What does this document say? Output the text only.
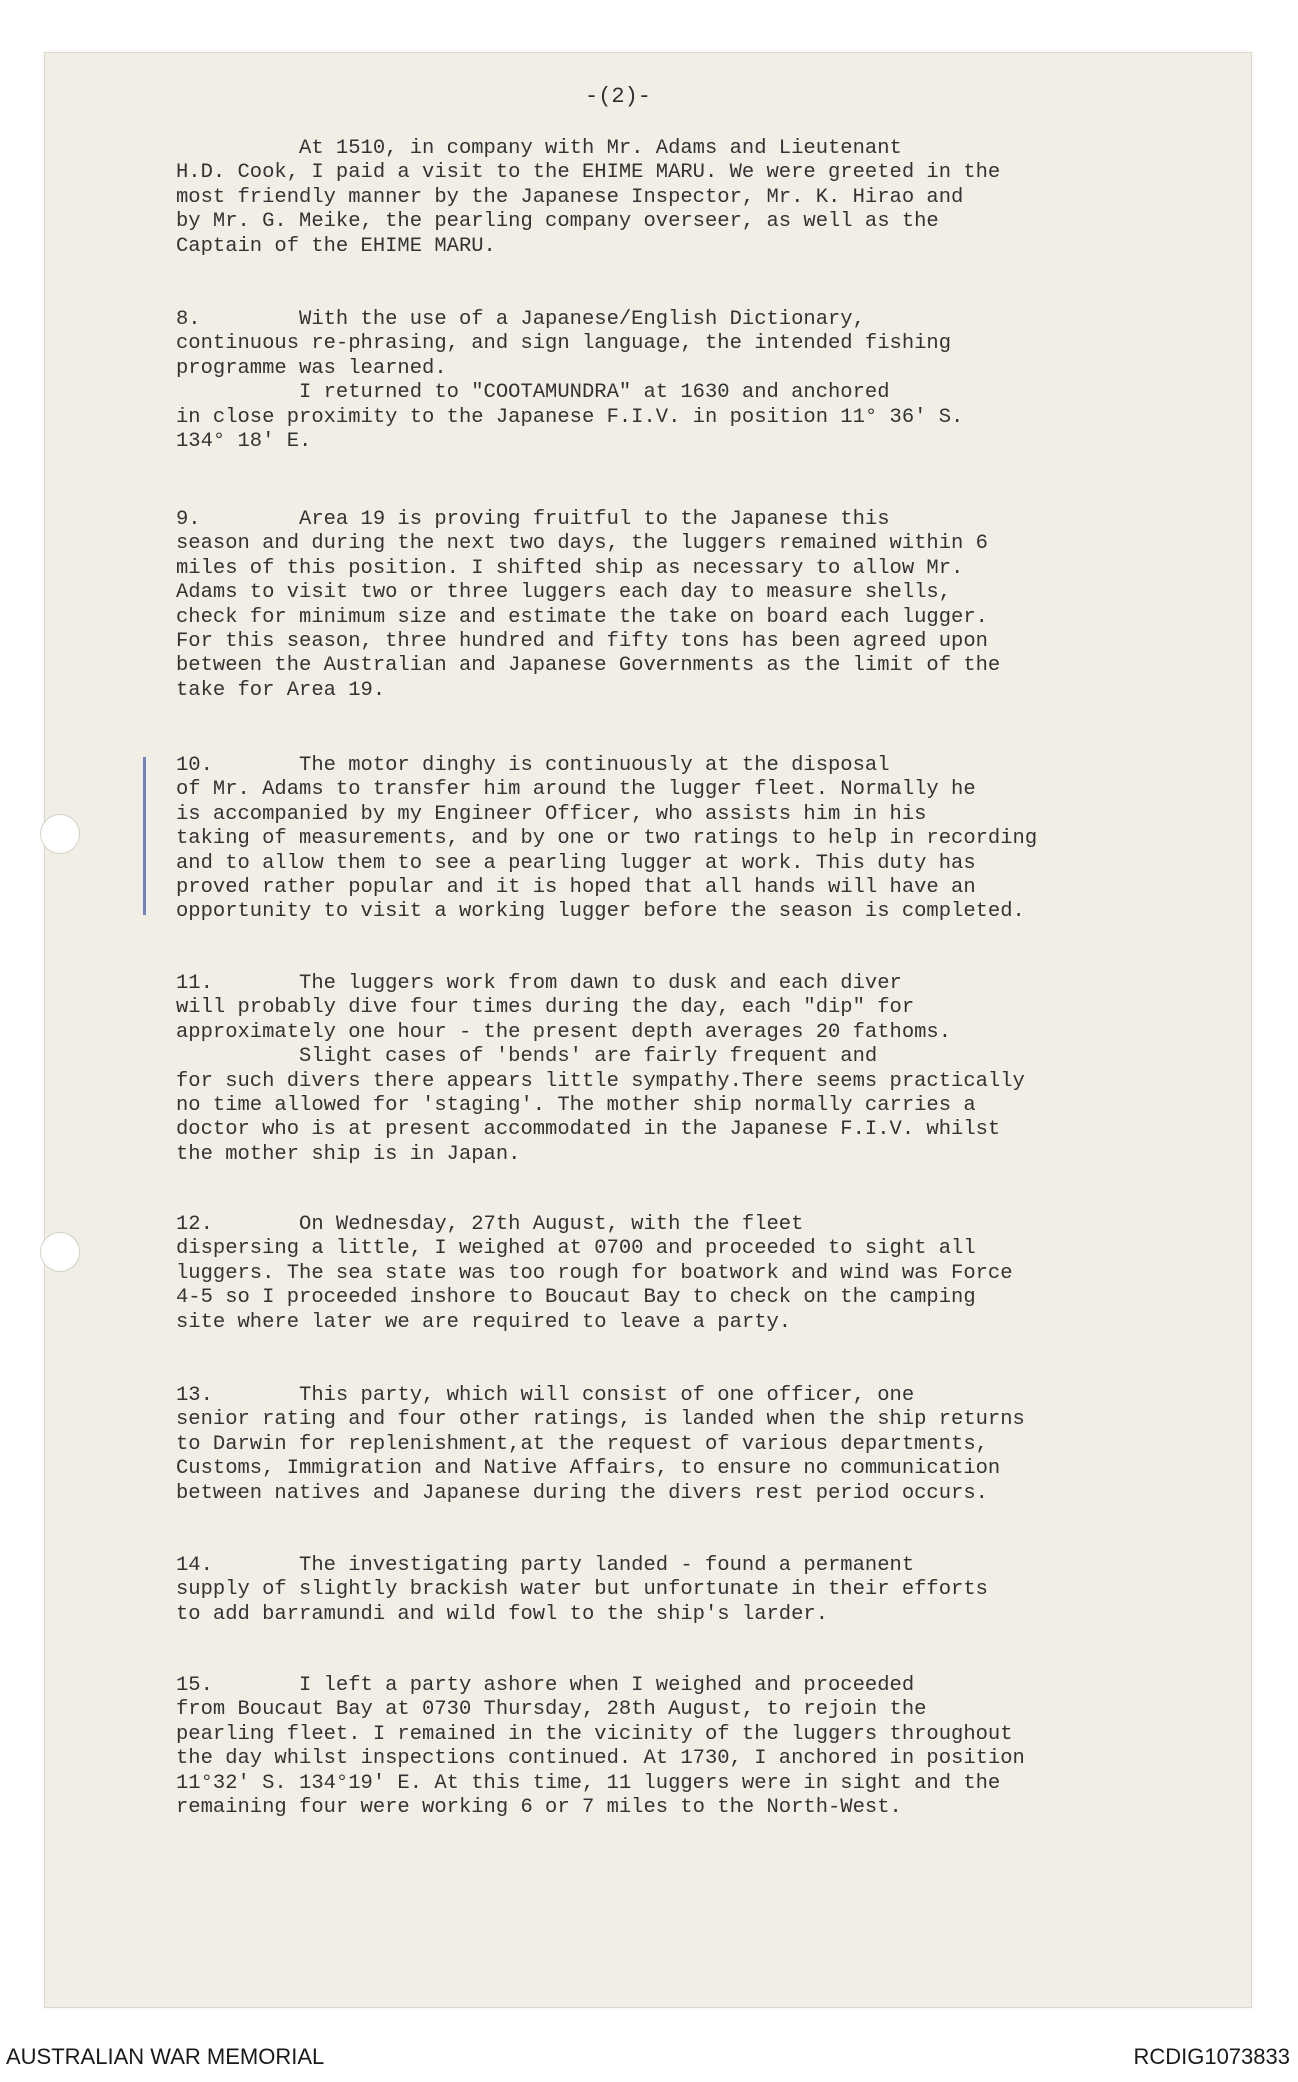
-(2)-
At 1510, in company with Mr. Adams and Lieutenant
H.D. Cook, I paid a visit to the EHIME MARU. We were greeted in the
most friendly manner by the Japanese Inspector, Mr. K. Hirao and
by Mr. G. Meike, the pearling company overseer, as well as the
Captain of the EHIME MARU.
8.        With the use of a Japanese/English Dictionary,
continuous re-phrasing, and sign language, the intended fishing
programme was learned.
I returned to "COOTAMUNDRA" at 1630 and anchored
in close proximity to the Japanese F.I.V. in position 11° 36' S.
134° 18' E.
9.        Area 19 is proving fruitful to the Japanese this
season and during the next two days, the luggers remained within 6
miles of this position. I shifted ship as necessary to allow Mr.
Adams to visit two or three luggers each day to measure shells,
check for minimum size and estimate the take on board each lugger.
For this season, three hundred and fifty tons has been agreed upon
between the Australian and Japanese Governments as the limit of the
take for Area 19.
10.       The motor dinghy is continuously at the disposal
of Mr. Adams to transfer him around the lugger fleet. Normally he
is accompanied by my Engineer Officer, who assists him in his
taking of measurements, and by one or two ratings to help in recording
and to allow them to see a pearling lugger at work. This duty has
proved rather popular and it is hoped that all hands will have an
opportunity to visit a working lugger before the season is completed.
11.       The luggers work from dawn to dusk and each diver
will probably dive four times during the day, each "dip" for
approximately one hour - the present depth averages 20 fathoms.
Slight cases of 'bends' are fairly frequent and
for such divers there appears little sympathy.There seems practically
no time allowed for 'staging'. The mother ship normally carries a
doctor who is at present accommodated in the Japanese F.I.V. whilst
the mother ship is in Japan.
12.       On Wednesday, 27th August, with the fleet
dispersing a little, I weighed at 0700 and proceeded to sight all
luggers. The sea state was too rough for boatwork and wind was Force
4-5 so I proceeded inshore to Boucaut Bay to check on the camping
site where later we are required to leave a party.
13.       This party, which will consist of one officer, one
senior rating and four other ratings, is landed when the ship returns
to Darwin for replenishment,at the request of various departments,
Customs, Immigration and Native Affairs, to ensure no communication
between natives and Japanese during the divers rest period occurs.
14.       The investigating party landed - found a permanent
supply of slightly brackish water but unfortunate in their efforts
to add barramundi and wild fowl to the ship's larder.
15.       I left a party ashore when I weighed and proceeded
from Boucaut Bay at 0730 Thursday, 28th August, to rejoin the
pearling fleet. I remained in the vicinity of the luggers throughout
the day whilst inspections continued. At 1730, I anchored in position
11°32' S. 134°19' E. At this time, 11 luggers were in sight and the
remaining four were working 6 or 7 miles to the North-West.
AUSTRALIAN WAR MEMORIAL	RCDIG1073833
